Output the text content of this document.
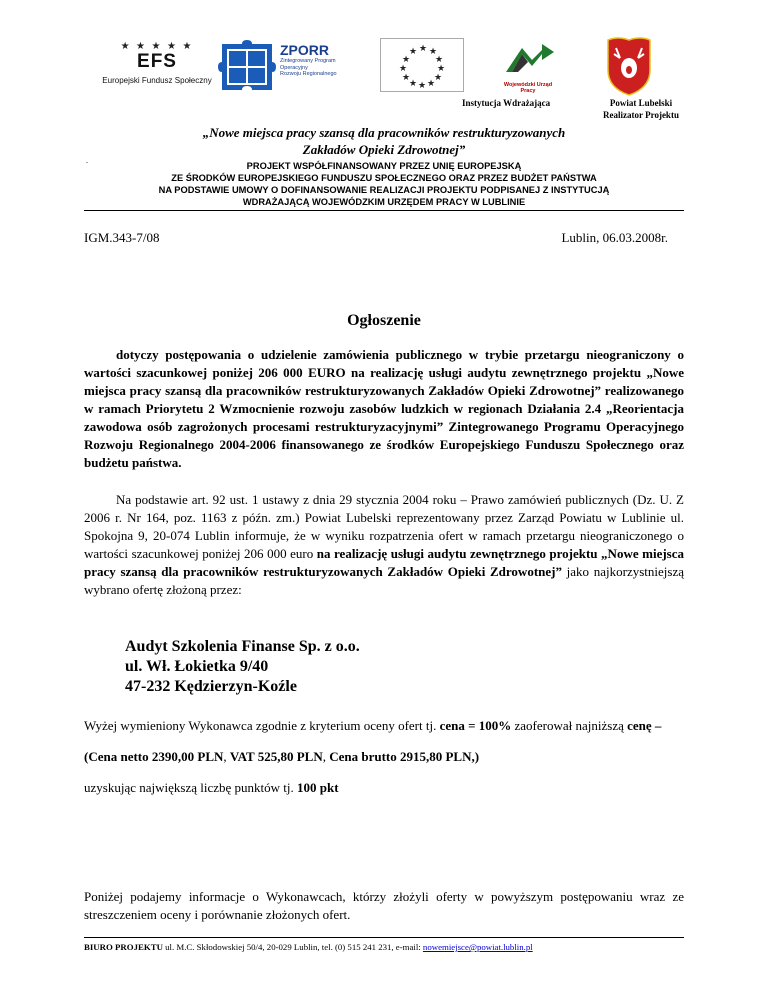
★ ★ ★ ★ ★
EFS
Europejski Fundusz Społeczny
ZPORR
Zintegrowany Program
Operacyjny
Rozwoju Regionalnego
★ ★
★
★
★
★
★
★
★
★
★
★
Wojewódzki Urząd Pracy
Instytucja Wdrażająca	Powiat Lubelski
Realizator Projektu
„Nowe miejsca pracy szansą dla pracowników restrukturyzowanych
Zakładów Opieki Zdrowotnej”
.
PROJEKT WSPÓŁFINANSOWANY PRZEZ UNIĘ EUROPEJSKĄ
ZE ŚRODKÓW EUROPEJSKIEGO FUNDUSZU SPOŁECZNEGO ORAZ PRZEZ BUDŻET PAŃSTWA
NA PODSTAWIE UMOWY O DOFINANSOWANIE REALIZACJI PROJEKTU PODPISANEJ Z INSTYTUCJĄ
WDRAŻAJĄCĄ WOJEWÓDZKIM URZĘDEM PRACY W LUBLINIE
IGM.343-7/08	Lublin, 06.03.2008r.
Ogłoszenie
dotyczy postępowania o udzielenie zamówienia publicznego w trybie przetargu nieograniczony o wartości szacunkowej poniżej 206 000 EURO na realizację usługi audytu zewnętrznego projektu „Nowe miejsca pracy szansą dla pracowników restrukturyzowanych Zakładów Opieki Zdrowotnej” realizowanego w ramach Priorytetu 2 Wzmocnienie rozwoju zasobów ludzkich w regionach Działania 2.4 „Reorientacja zawodowa osób zagrożonych procesami restrukturyzacyjnymi” Zintegrowanego Programu Operacyjnego Rozwoju Regionalnego 2004-2006 finansowanego ze środków Europejskiego Funduszu Społecznego oraz budżetu państwa.
Na podstawie art. 92 ust. 1 ustawy z dnia 29 stycznia 2004 roku – Prawo zamówień publicznych (Dz. U. Z 2006 r. Nr 164, poz. 1163 z późn. zm.) Powiat Lubelski reprezentowany przez Zarząd Powiatu w Lublinie ul. Spokojna 9, 20-074 Lublin informuje, że w wyniku rozpatrzenia ofert w ramach przetargu nieograniczonego o wartości szacunkowej poniżej 206 000 euro na realizację usługi audytu zewnętrznego projektu „Nowe miejsca pracy szansą dla pracowników restrukturyzowanych Zakładów Opieki Zdrowotnej” jako najkorzystniejszą wybrano ofertę złożoną przez:
Audyt Szkolenia Finanse Sp. z o.o.
ul. Wł. Łokietka 9/40
47-232 Kędzierzyn-Koźle
Wyżej wymieniony Wykonawca zgodnie z kryterium oceny ofert tj. cena = 100% zaoferował najniższą cenę – (Cena netto 2390,00 PLN, VAT 525,80 PLN, Cena brutto 2915,80 PLN,)
uzyskując największą liczbę punktów tj. 100 pkt
Poniżej podajemy informacje o Wykonawcach, którzy złożyli oferty w powyższym postępowaniu wraz ze streszczeniem oceny i porównanie złożonych ofert.
BIURO PROJEKTU ul. M.C. Skłodowskiej 50/4, 20-029 Lublin, tel. (0) 515 241 231, e-mail: nowemiejsce@powiat.lublin.pl
